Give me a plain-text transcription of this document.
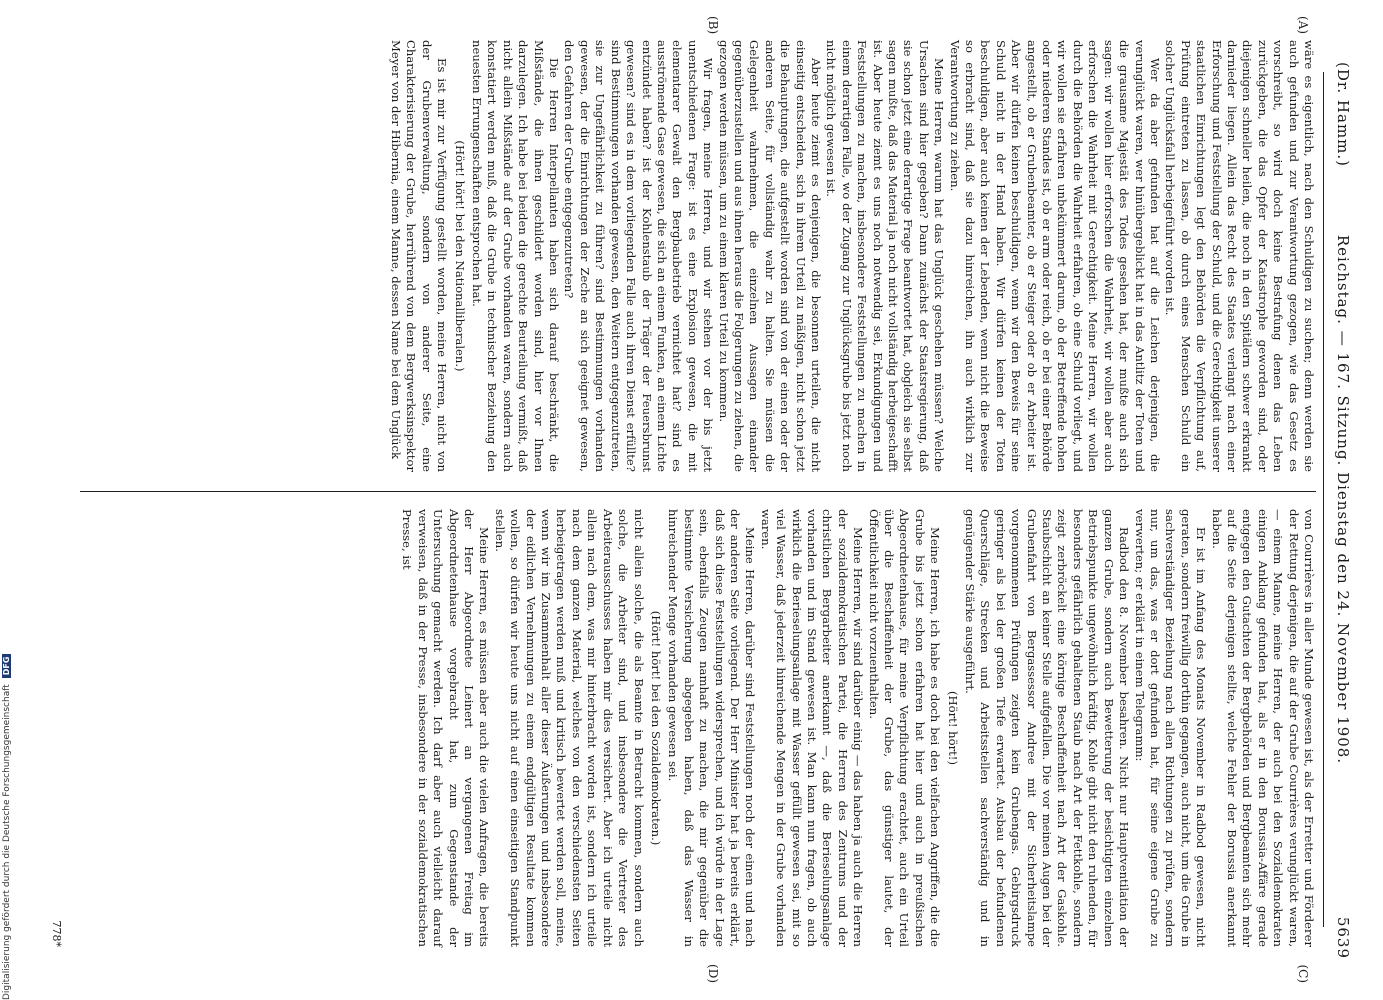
(Dr. Hamm.)
Reichstag. — 167. Sitzung. Dienstag den 24. November 1908.
5639
(A)
(B)
(C)
(D)

wäre es eigentlich, nach den Schuldigen zu suchen; denn werden sie auch gefunden und zur Verantwortung gezogen, wie das Gesetz es vorschreibt, so wird doch keine Bestrafung denen das Leben zurückgeben, die das Opfer der Katastrophe geworden sind, oder diejenigen schneller heilen, die noch in den Spitälern schwer erkrankt darnieder liegen. Allein das Recht des Staates verlangt nach einer Erforschung und Feststellung der Schuld, und die Gerechtigkeit unserer staatlichen Einrichtungen legt den Behörden die Verpflichtung auf, Prüfung eintreten zu lassen, ob durch eines Menschen Schuld ein solcher Unglücksfall herbeigeführt worden ist.

Wer da aber gefunden hat auf die Leichen derjenigen, die verunglückt waren, wer hinübergeblickt hat in das Antlitz der Toten und die grausame Majestät des Todes gesehen hat, der mußte auch sich sagen: wir wollen hier erforschen die Wahrheit, wir wollen aber auch erforschen die Wahrheit mit Gerechtigkeit. Meine Herren, wir wollen durch die Behörden die Wahrheit erfahren, ob eine Schuld vorliegt, und wir wollen sie erfahren unbekümmert darum, ob der Betreffende hohen oder niederen Standes ist, ob er arm oder reich, ob er bei einer Behörde angestellt, ob er Grubenbeamter, ob er Steiger oder ob er Arbeiter ist. Aber wir dürfen keinen beschuldigen, wenn wir den Beweis für seine Schuld nicht in der Hand haben. Wir dürfen keinen der Toten beschuldigen, aber auch keinen der Lebenden, wenn nicht die Beweise so erbracht sind, daß sie dazu hinreichen, ihn auch wirklich zur Verantwortung zu ziehen.

Meine Herren, warum hat das Unglück geschehen müssen? Welche Ursachen sind hier gegeben? Dann zunächst der Staatsregierung, daß sie schon jetzt eine derartige Frage beantwortet hat, obgleich sie selbst sagen mußte, daß das Material ja noch nicht vollständig herbeigeschafft ist. Aber heute ziemt es uns noch notwendig sei, Erkundigungen und Feststellungen zu machen, insbesondere Feststellungen zu machen in einem derartigen Falle, wo der Zugang zur Unglücksgrube bis jetzt noch nicht möglich gewesen ist.

Aber heute ziemt es denjenigen, die besonnen urteilen, die nicht einseitig entscheiden, sich in ihrem Urteil zu mäßigen, nicht schon jetzt die Behauptungen, die aufgestellt worden sind von der einen oder der anderen Seite, für vollständig wahr zu halten. Sie müssen die Gelegenheit wahrnehmen, die einzelnen Aussagen einander gegenüberzustellen und aus ihnen heraus die Folgerungen zu ziehen, die gezogen werden müssen, um zu einem klaren Urteil zu kommen.

Wir fragen, meine Herren, und wir stehen vor der bis jetzt unentschiedenen Frage: ist es eine Explosion gewesen, die mit elementarer Gewalt den Bergbaubetrieb vernichtet hat? sind es ausströmende Gase gewesen, die sich an einem Funken, an einem Lichte entzündet haben? ist der Kohlenstaub der Träger der Feuersbrunst gewesen? sind es in dem vorliegenden Falle auch ihren Dienst erfüllte? sind Bestimmungen vorhanden gewesen, den Weitern entgegenzutreten, sie zur Ungefährlichkeit zu führen? sind Bestimmungen vorhanden gewesen, der die Einrichtungen der Zeche an sich geeignet gewesen, den Gefahren der Grube entgegenzutreten?

Die Herren Interpellanten haben sich darauf beschränkt, die Mißstände, die ihnen geschildert worden sind, hier vor Ihnen darzulegen. Ich habe bei beiden die gerechte Beurteilung vermißt, daß nicht allein Mißstände auf der Grube vorhanden waren, sondern auch konstatiert werden muß, daß die Grube in technischer Beziehung den neuesten Errungenschaften entsprochen hat.

(Hört! hört! bei den Nationalliberalen.)

Es ist mir zur Verfügung gestellt worden, meine Herren, nicht von der Grubenverwaltung, sondern von anderer Seite, eine Charakterisierung der Grube, herrührend von dem Bergwerksinspektor Meyer von der Hibernia, einem Manne, dessen Name bei dem Unglück

von Courrières in aller Munde gewesen ist, als der Erretter und Förderer der Rettung derjenigen, die auf der Grube Courrières verunglückt waren, — einem Manne, meine Herren, der auch bei den Sozialdemokraten einigen Anklang gefunden hat, als er in den Borussia-Affäre gerade entgegen den Gutachten der Bergbehörden und Bergbeamten sich mehr auf die Seite derjenigen stellte, welche Fehler der Borussia anerkannt haben.

Er ist im Anfang des Monats November in Radbod gewesen, nicht geraten, sondern freiwillig dorthin gegangen, auch nicht, um die Grube in sachverständiger Beziehung nach allen Richtungen zu prüfen, sondern nur, um das, was er dort gefunden hat, für seine eigene Grube zu verwerten; er erklärt in einem Telegramm:

Radbod den 8. November besahren. Nicht nur Hauptventilation der ganzen Grube, sondern auch Bewetterung der besichtigten einzelnen Betriebspunkte ungewöhnlich kräftig. Kohle gibt nicht den ruhenden, für besonders gefährlich gehaltenen Staub nach Art der Fettkohle, sondern zeigt zerbröckelt eine körnige Beschaffenheit nach Art der Gaskohle. Staubschicht an keiner Stelle aufgefallen. Die vor meinen Augen bei der Grubenfahrt von Bergassessor Andree mit der Sicherheitslampe vorgenommenen Prüfungen zeigten kein Grubengas. Gebirgsdruck geringer als bei der großen Tiefe erwartet. Ausbau der befundenen Querschläge, Strecken und Arbeitsstellen sachverständig und in genügender Stärke ausgeführt.

(Hört! hört!)

Meine Herren, ich habe es doch bei den vielfachen Angriffen, die die Grube bis jetzt schon erfahren hat hier und auch in preußischen Abgeordnetenhause, für meine Verpflichtung erachtet, auch ein Urteil über die Beschaffenheit der Grube, das günstiger lautet, der Öffentlichkeit nicht vorzuenthalten.

Meine Herren, wir sind darüber einig — das haben ja auch die Herren der sozialdemokratischen Partei, die Herren des Zentrums und der christlichen Bergarbeiter anerkannt —, daß die Berieselungsanlage vorhanden und im Stand gewesen ist. Man kann nun fragen, ob auch wirklich die Berieselungsanlage mit Wasser gefüllt gewesen sei, mit so viel Wasser, daß jederzeit hinreichende Mengen in der Grube vorhanden waren.

Meine Herren, darüber sind Feststellungen noch der einen und nach der anderen Seite vorliegend. Der Herr Minister hat ja bereits erklärt, daß sich diese Feststellungen widersprechen, und ich würde in der Lage sein, ebenfalls Zeugen namhaft zu machen, die mir gegenüber die bestimmte Versicherung abgegeben haben, daß das Wasser in hinreichender Menge vorhanden gewesen sei.

(Hört! hört! bei den Sozialdemokraten.)

nicht allein solche, die als Beamte in Betracht kommen, sondern auch solche, die Arbeiter sind, und insbesondere die Vertreter des Arbeiterausschusses haben mir dies versichert. Aber ich urteile nicht allein nach dem, was mir hinterbracht worden ist, sondern ich urteile nach dem ganzen Material, welches von den verschiedensten Seiten herbeigetragen werden muß und kritisch bewertet werden soll, meine, wenn wir im Zusammenhalt aller dieser Äußerungen und insbesondere der eidlichen Vernehmungen zu einem endgültigen Resultate kommen wollen, so dürfen wir heute uns nicht auf einen einseitigen Standpunkt stellen.

Meine Herren, es müssen aber auch die vielen Anfragen, die bereits der Herr Abgeordnete Leinert an vergangenen Freitag im Abgeordnetenhause vorgebracht hat, zum Gegenstande der Untersuchung gemacht werden. Ich darf aber auch vielleicht darauf verweisen, daß in der Presse, insbesondere in der sozialdemokratischen Presse, ist

778*
Digitalisierung gefördert durch die Deutsche ForschungsgemeinschaftDFG
